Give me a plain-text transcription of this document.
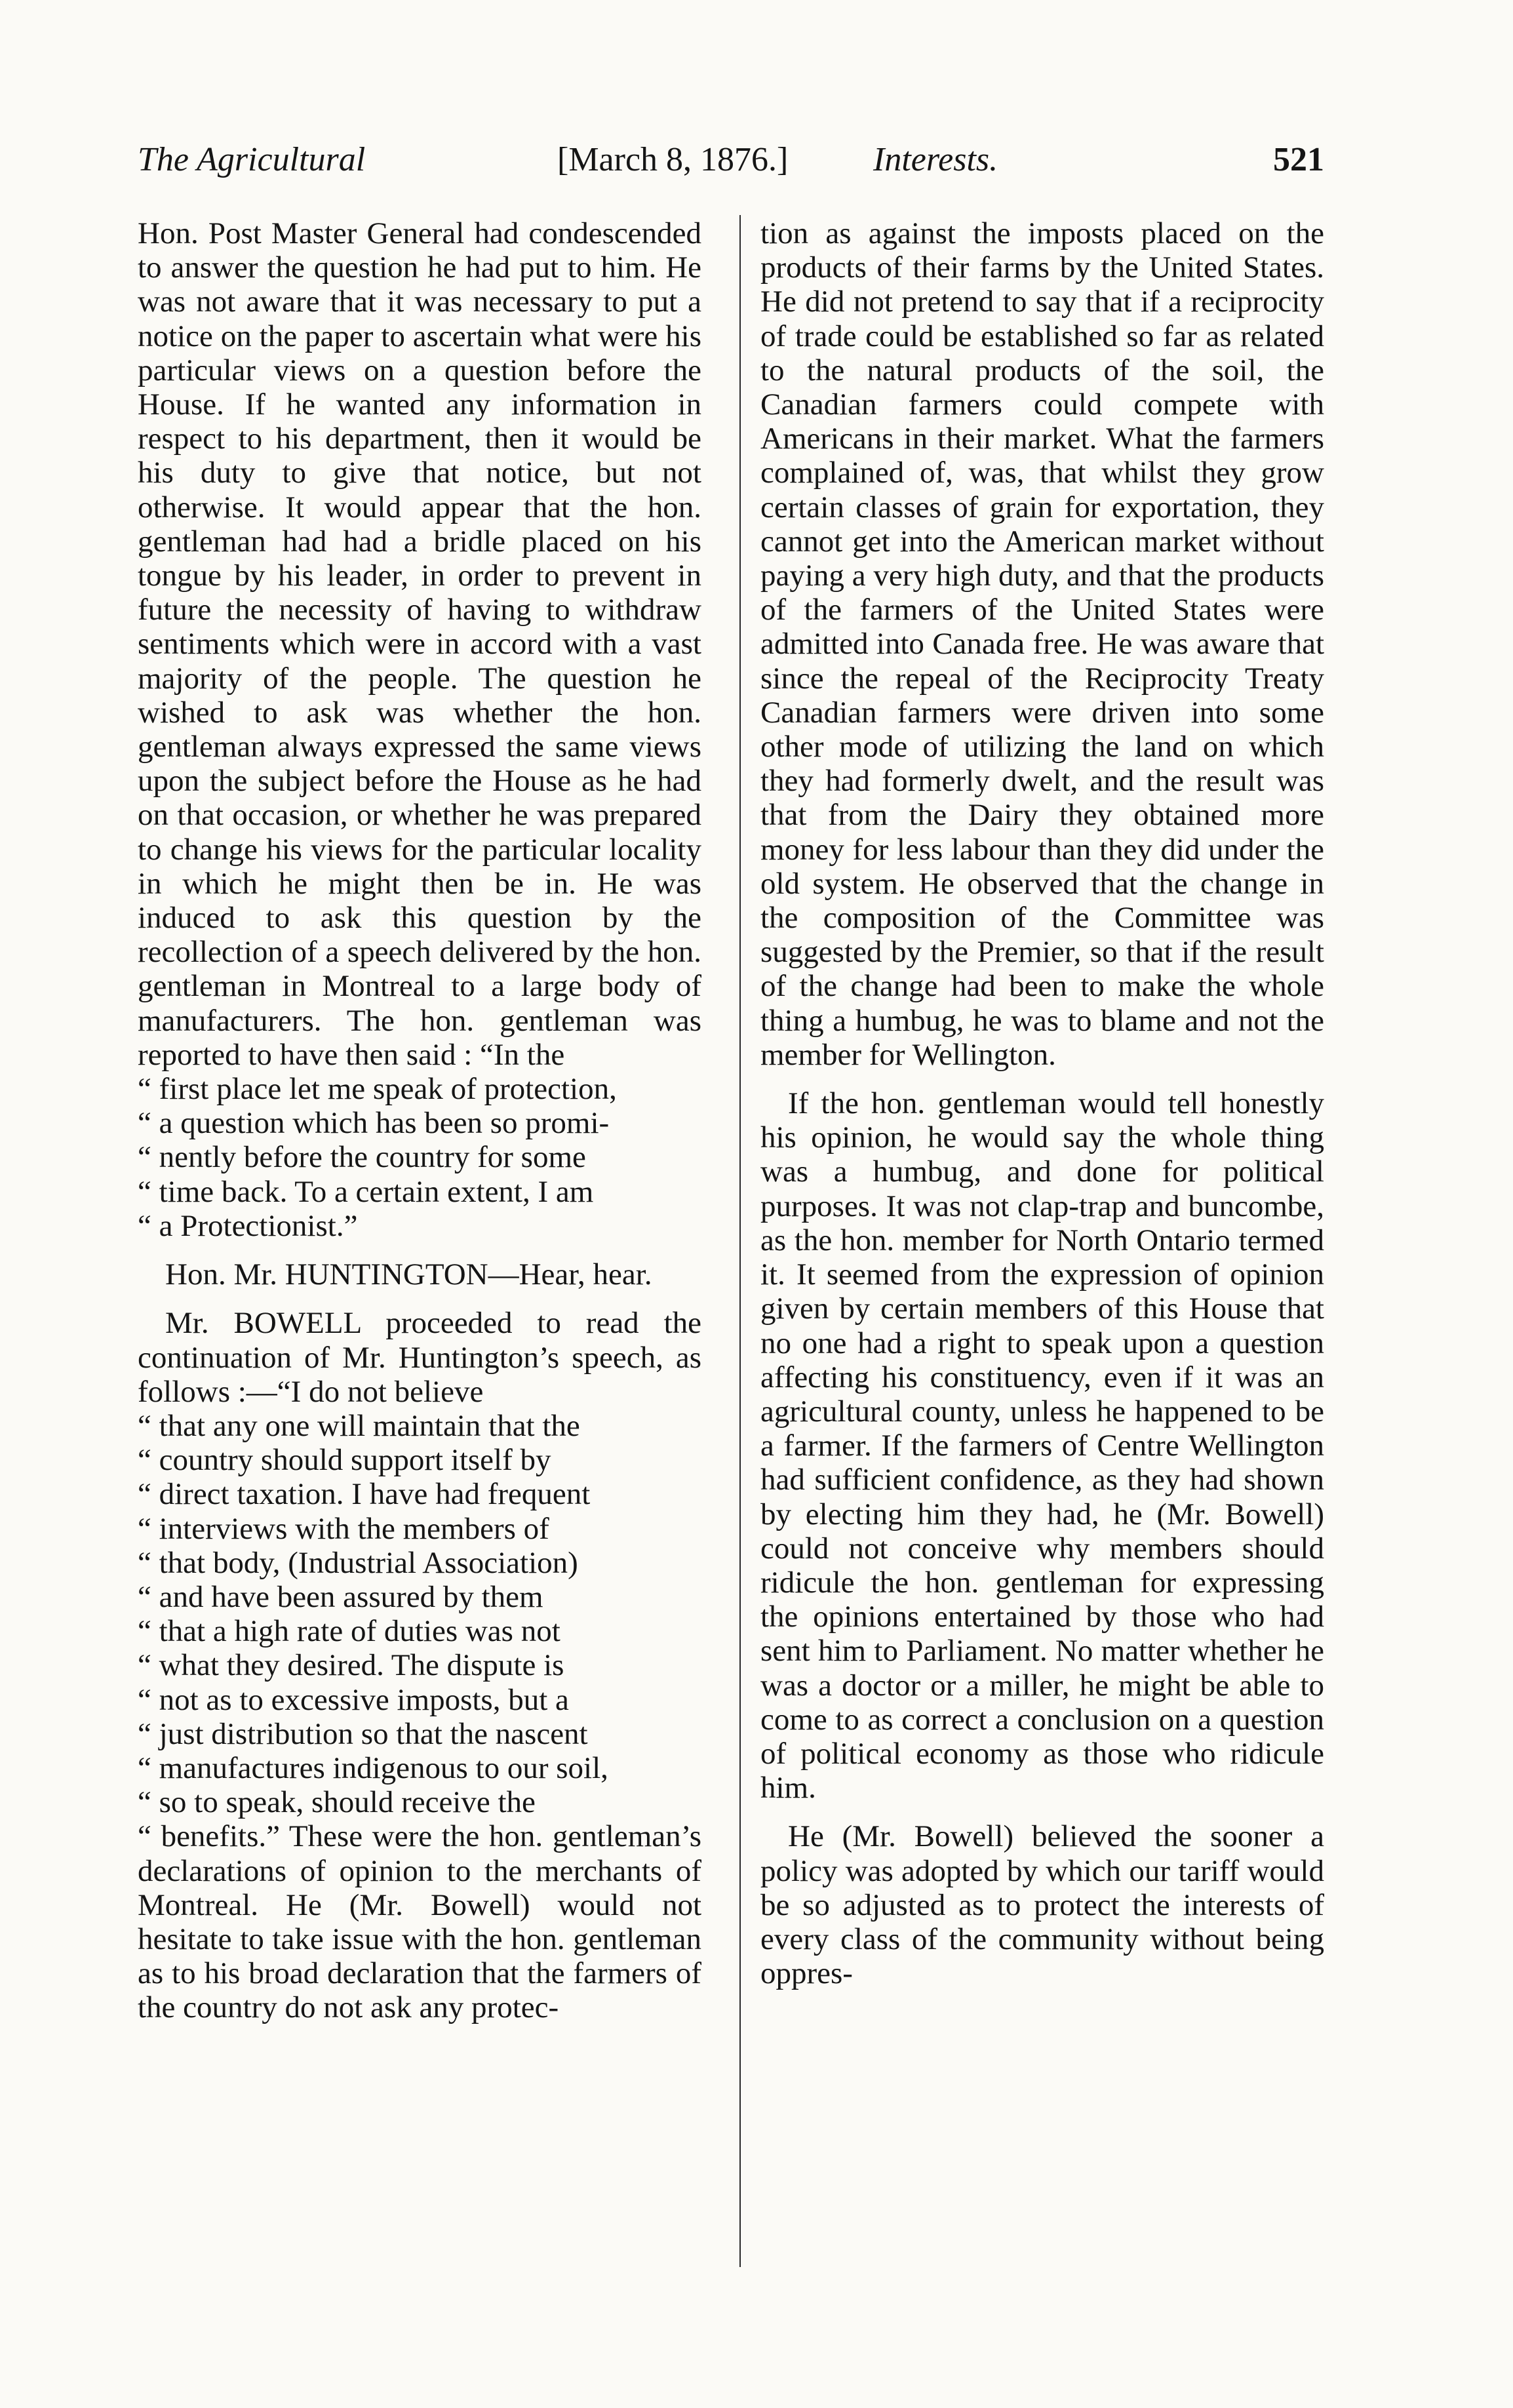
The Agricultural	[March 8, 1876.] Interests.	521

Hon. Post Master General had condescended to answer the question he had put to him. He was not aware that it was necessary to put a notice on the paper to ascertain what were his particular views on a question before the House. If he wanted any information in respect to his department, then it would be his duty to give that notice, but not otherwise. It would appear that the hon. gentleman had had a bridle placed on his tongue by his leader, in order to prevent in future the necessity of having to withdraw sentiments which were in accord with a vast majority of the people. The question he wished to ask was whether the hon. gentleman always expressed the same views upon the subject before the House as he had on that occasion, or whether he was prepared to change his views for the particular locality in which he might then be in. He was induced to ask this question by the recollection of a speech delivered by the hon. gentleman in Montreal to a large body of manufacturers. The hon. gentleman was reported to have then said : “In the

“ first place let me speak of protection,
“ a question which has been so promi-
“ nently before the country for some
“ time back. To a certain extent, I am
“ a Protectionist.”

Hon. Mr. HUNTINGTON—Hear, hear.

Mr. BOWELL proceeded to read the continuation of Mr. Huntington’s speech, as follows :—“I do not believe

“ that any one will maintain that the
“ country should support itself by
“ direct taxation. I have had frequent
“ interviews with the members of
“ that body, (Industrial Association)
“ and have been assured by them
“ that a high rate of duties was not
“ what they desired. The dispute is
“ not as to excessive imposts, but a
“ just distribution so that the nascent
“ manufactures indigenous to our soil,
“ so to speak, should receive the

“ benefits.” These were the hon. gentleman’s declarations of opinion to the merchants of Montreal. He (Mr. Bowell) would not hesitate to take issue with the hon. gentleman as to his broad declaration that the farmers of the country do not ask any protec-

tion as against the imposts placed on the products of their farms by the United States. He did not pretend to say that if a reciprocity of trade could be established so far as related to the natural products of the soil, the Canadian farmers could compete with Americans in their market. What the farmers complained of, was, that whilst they grow certain classes of grain for exportation, they cannot get into the American market without paying a very high duty, and that the products of the farmers of the United States were admitted into Canada free. He was aware that since the repeal of the Reciprocity Treaty Canadian farmers were driven into some other mode of utilizing the land on which they had formerly dwelt, and the result was that from the Dairy they obtained more money for less labour than they did under the old system. He observed that the change in the composition of the Committee was suggested by the Premier, so that if the result of the change had been to make the whole thing a humbug, he was to blame and not the member for Wellington.

If the hon. gentleman would tell honestly his opinion, he would say the whole thing was a humbug, and done for political purposes. It was not clap-trap and buncombe, as the hon. member for North Ontario termed it. It seemed from the expression of opinion given by certain members of this House that no one had a right to speak upon a question affecting his constituency, even if it was an agricultural county, unless he happened to be a farmer. If the farmers of Centre Wellington had sufficient confidence, as they had shown by electing him they had, he (Mr. Bowell) could not conceive why members should ridicule the hon. gentleman for expressing the opinions entertained by those who had sent him to Parliament. No matter whether he was a doctor or a miller, he might be able to come to as correct a conclusion on a question of political economy as those who ridicule him.

He (Mr. Bowell) believed the sooner a policy was adopted by which our tariff would be so adjusted as to protect the interests of every class of the community without being oppres-
